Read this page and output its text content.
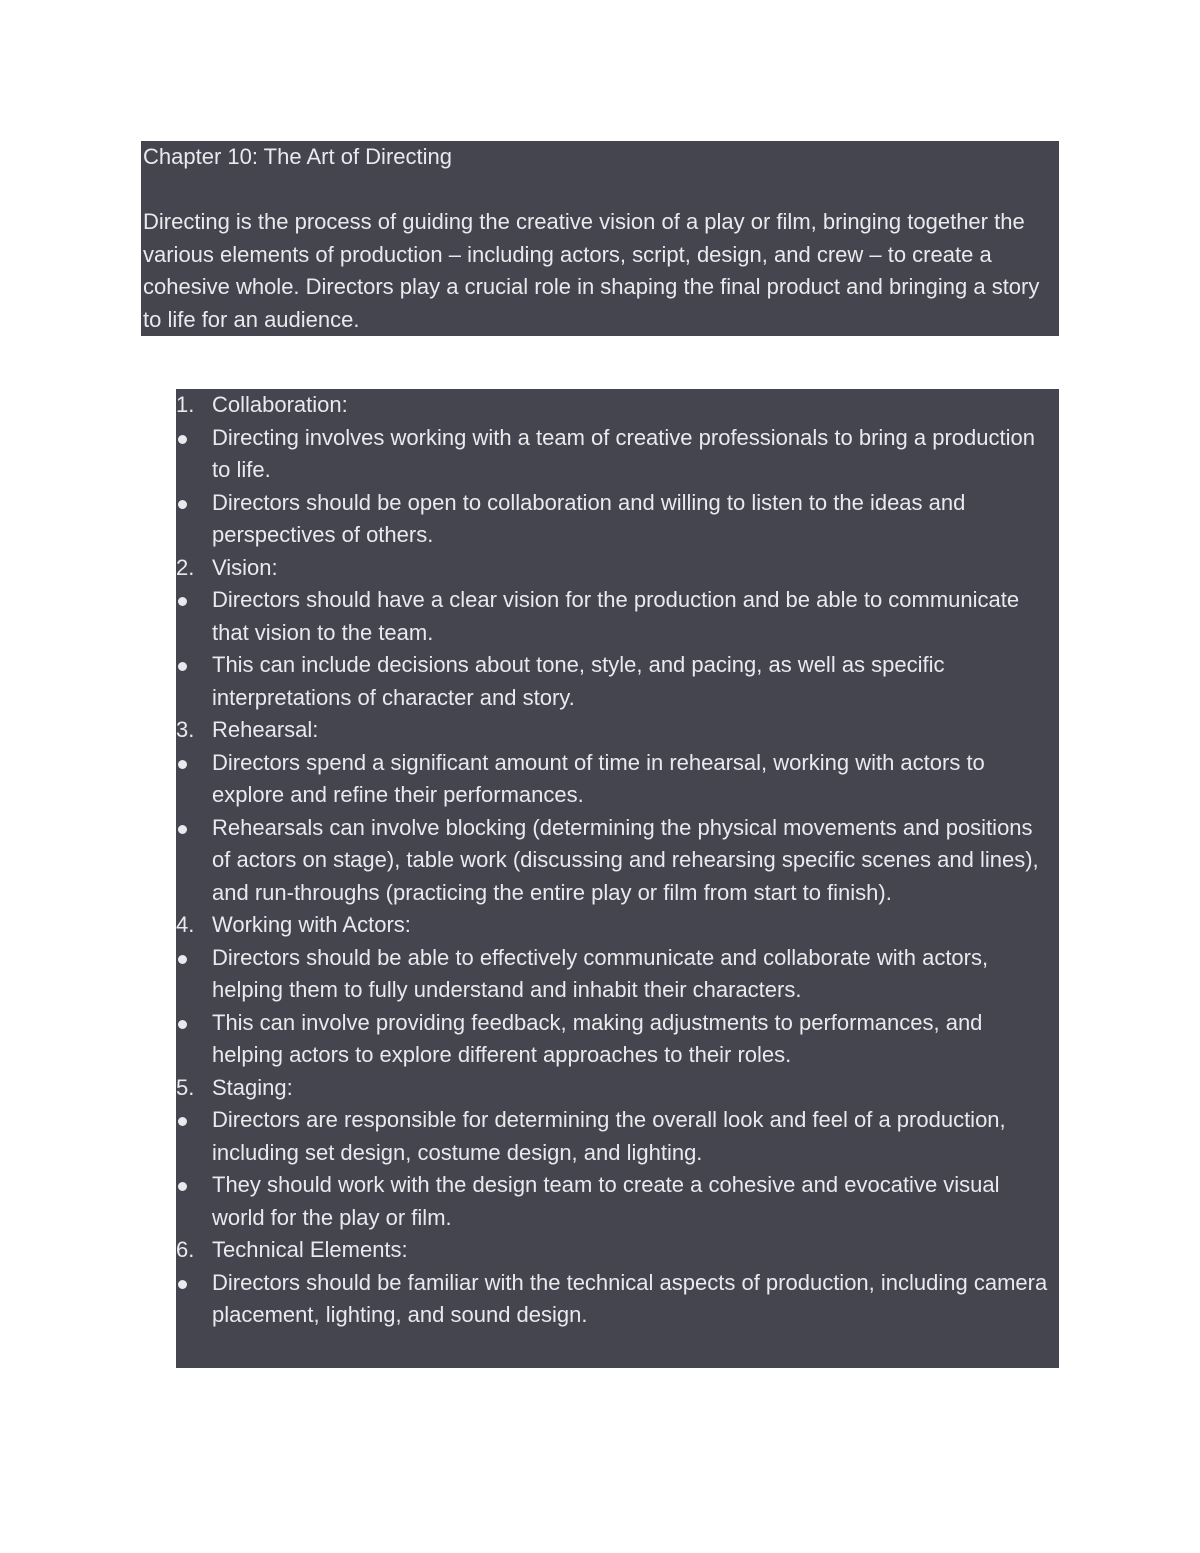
Chapter 10: The Art of Directing
Directing is the process of guiding the creative vision of a play or film, bringing together the various elements of production – including actors, script, design, and crew – to create a cohesive whole. Directors play a crucial role in shaping the final product and bringing a story to life for an audience.
1. Collaboration:
Directing involves working with a team of creative professionals to bring a production to life.
Directors should be open to collaboration and willing to listen to the ideas and perspectives of others.
2. Vision:
Directors should have a clear vision for the production and be able to communicate that vision to the team.
This can include decisions about tone, style, and pacing, as well as specific interpretations of character and story.
3. Rehearsal:
Directors spend a significant amount of time in rehearsal, working with actors to explore and refine their performances.
Rehearsals can involve blocking (determining the physical movements and positions of actors on stage), table work (discussing and rehearsing specific scenes and lines), and run-throughs (practicing the entire play or film from start to finish).
4. Working with Actors:
Directors should be able to effectively communicate and collaborate with actors, helping them to fully understand and inhabit their characters.
This can involve providing feedback, making adjustments to performances, and helping actors to explore different approaches to their roles.
5. Staging:
Directors are responsible for determining the overall look and feel of a production, including set design, costume design, and lighting.
They should work with the design team to create a cohesive and evocative visual world for the play or film.
6. Technical Elements:
Directors should be familiar with the technical aspects of production, including camera placement, lighting, and sound design.
